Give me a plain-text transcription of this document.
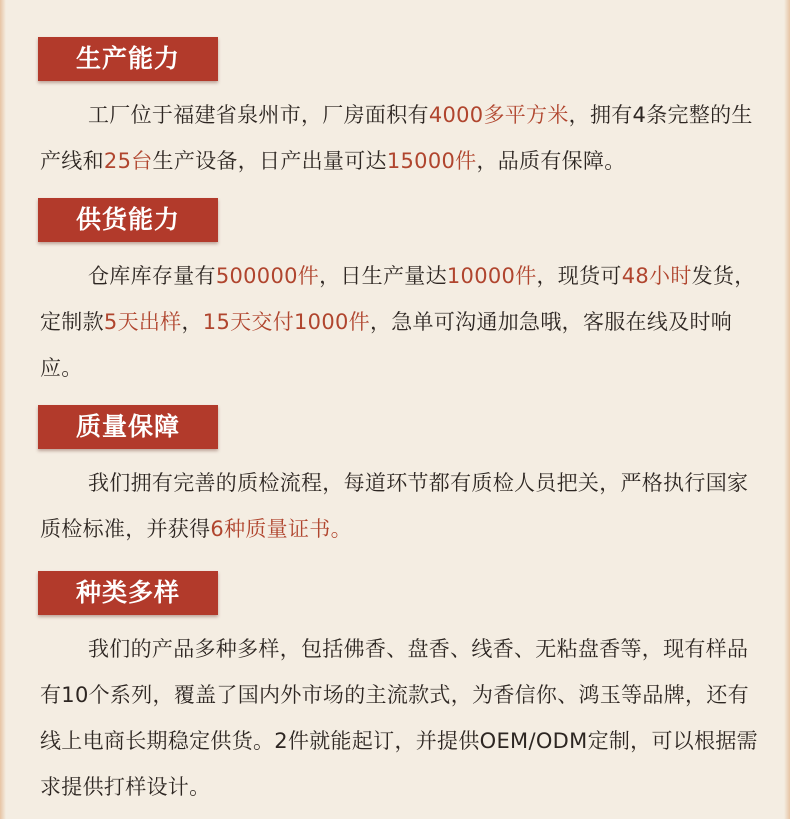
生产能力

工厂位于福建省泉州市，厂房面积有4000多平方米，拥有4条完整的生产线和25台生产设备，日产出量可达15000件，品质有保障。

供货能力

仓库库存量有500000件，日生产量达10000件，现货可48小时发货，定制款5天出样，15天交付1000件，急单可沟通加急哦，客服在线及时响应。

质量保障

我们拥有完善的质检流程，每道环节都有质检人员把关，严格执行国家质检标准，并获得6种质量证书。

种类多样

我们的产品多种多样，包括佛香、盘香、线香、无粘盘香等，现有样品有10个系列，覆盖了国内外市场的主流款式，为香信你、鸿玉等品牌，还有线上电商长期稳定供货。2件就能起订，并提供OEM/ODM定制，可以根据需求提供打样设计。
